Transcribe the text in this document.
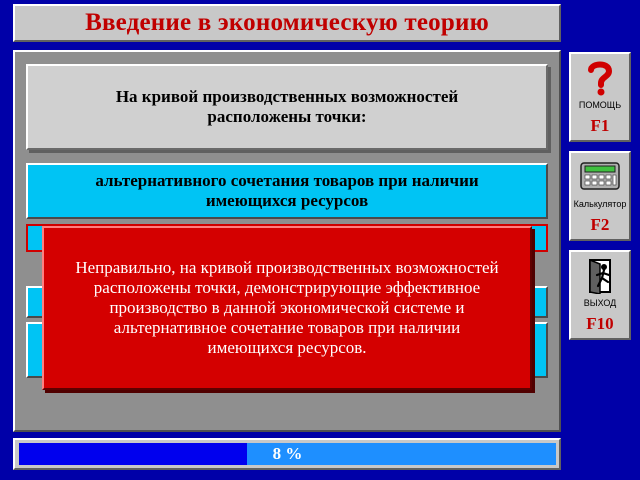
Введение в экономическую теорию
На кривой производственных возможностей расположены точки:
альтернативного сочетания товаров при наличии имеющихся ресурсов
Неправильно, на кривой производственных возможностей расположены точки, демонстрирующие эффективное производство в данной экономической системе и альтернативное сочетание товаров при наличии имеющихся ресурсов.
ПОМОЩЬ
F1
Калькулятор
F2
ВЫХОД
F10
8 %
